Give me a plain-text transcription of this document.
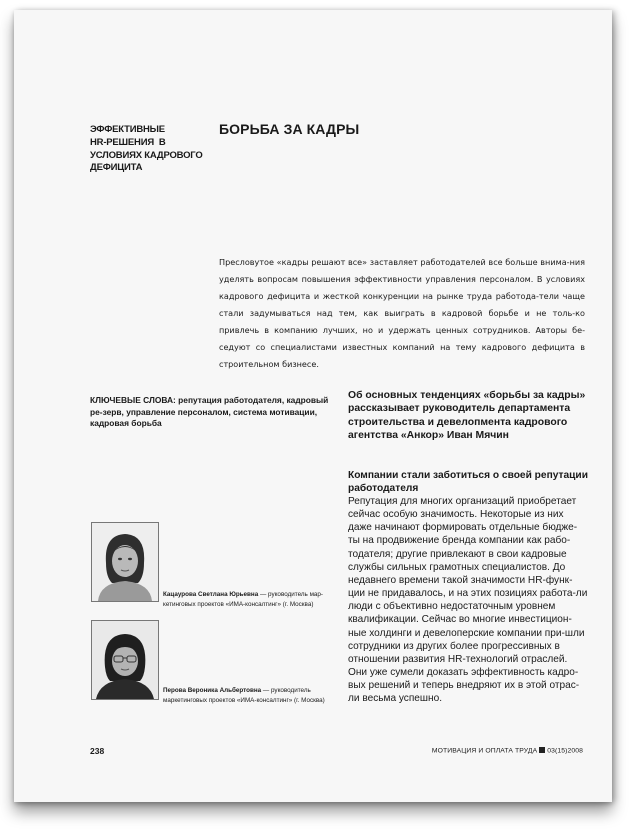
ЭФФЕКТИВНЫЕ
HR-РЕШЕНИЯ  В
УСЛОВИЯХ КАДРОВОГО
ДЕФИЦИТА
БОРЬБА ЗА КАДРЫ
Пресловутое «кадры решают все» заставляет работодателей все больше внима-ния уделять вопросам повышения эффективности управления персоналом. В условиях кадрового дефицита и жесткой конкуренции на рынке труда работода-тели чаще стали задумываться над тем, как выиграть в кадровой борьбе и не толь-ко привлечь в компанию лучших, но и удержать ценных сотрудников. Авторы бе-седуют со специалистами известных компаний на тему кадрового дефицита в строительном бизнесе.
КЛЮЧЕВЫЕ СЛОВА: репутация работодателя, кадровый ре-зерв, управление персоналом, система мотивации, кадровая борьба
Кацаурова Светлана Юрьевна — руководитель мар-кетинговых проектов «ИМА-консалтинг» (г. Москва)
Перова Вероника Альбертовна — руководитель маркетинговых проектов «ИМА-консалтинг» (г. Москва)
Об основных тенденциях «борьбы за кадры» рассказывает руководитель департамента строительства и девелопмента кадрового агентства «Анкор» Иван Мячин
Компании стали заботиться о своей репутации работодателя
Репутация для многих организаций приобретает сейчас особую значимость. Некоторые из них даже начинают формировать отдельные бюдже-ты на продвижение бренда компании как рабо-тодателя; другие привлекают в свои кадровые службы сильных грамотных специалистов. До недавнего времени такой значимости HR-функ-ции не придавалось, и на этих позициях работа-ли люди с объективно недостаточным уровнем квалификации. Сейчас во многие инвестицион-ные холдинги и девелоперские компании при-шли сотрудники из других более прогрессивных в отношении развития HR-технологий отраслей. Они уже сумели доказать эффективность кадро-вых решений и теперь внедряют их в этой отрас-ли весьма успешно.
238	МОТИВАЦИЯ И ОПЛАТА ТРУДА 03(15)2008
